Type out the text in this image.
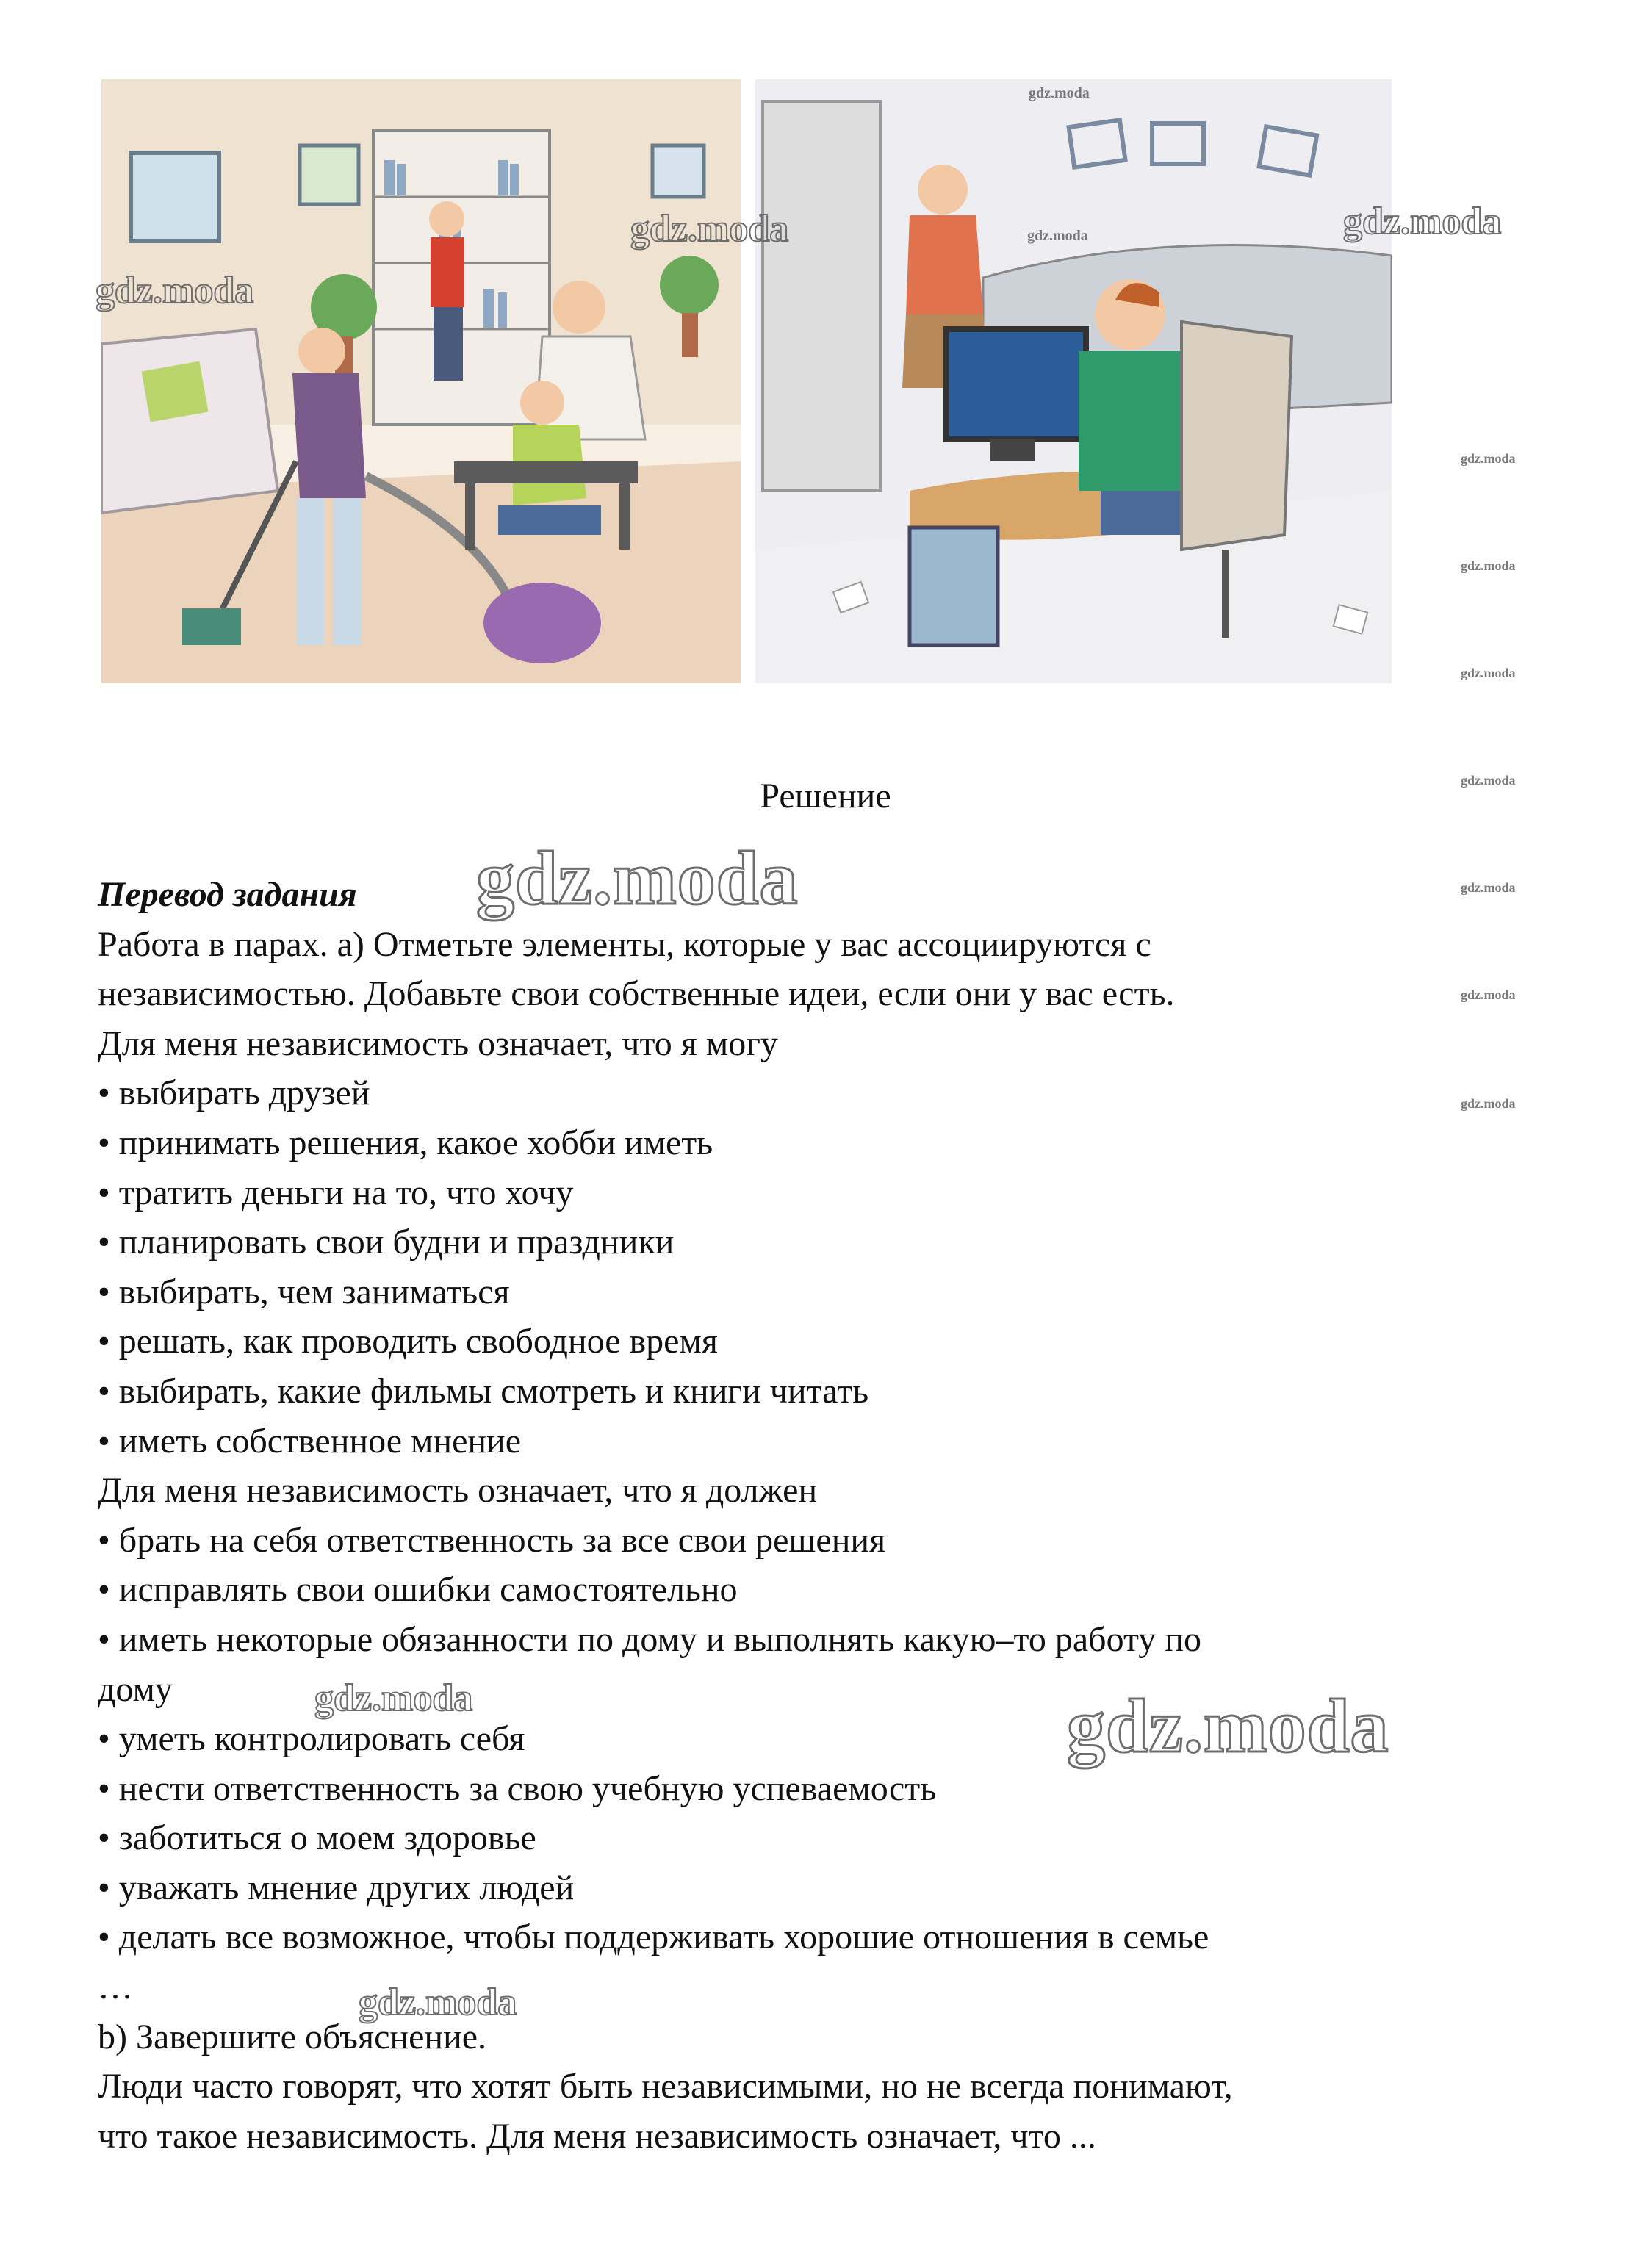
gdz.moda
gdz.moda	gdz.moda
gdz.moda
gdz.moda
gdz.moda
gdz.moda
gdz.moda
gdz.moda
gdz.moda
gdz.moda
gdz.moda
gdz.moda
gdz.moda
gdz.moda
gdz.moda
Решение

Перевод задания

Работа в парах. a) Отметьте элементы, которые у вас ассоциируются с

независимостью. Добавьте свои собственные идеи, если они у вас есть.

Для меня независимость означает, что я могу

• выбирать друзей

• принимать решения, какое хобби иметь

• тратить деньги на то, что хочу

• планировать свои будни и праздники

• выбирать, чем заниматься

• решать, как проводить свободное время

• выбирать, какие фильмы смотреть и книги читать

• иметь собственное мнение

Для меня независимость означает, что я должен

• брать на себя ответственность за все свои решения

• исправлять свои ошибки самостоятельно

• иметь некоторые обязанности по дому и выполнять какую–то работу по

дому

• уметь контролировать себя

• нести ответственность за свою учебную успеваемость

• заботиться о моем здоровье

• уважать мнение других людей

• делать все возможное, чтобы поддерживать хорошие отношения в семье

…

b) Завершите объяснение.

Люди часто говорят, что хотят быть независимыми, но не всегда понимают,

что такое независимость. Для меня независимость означает, что ...
